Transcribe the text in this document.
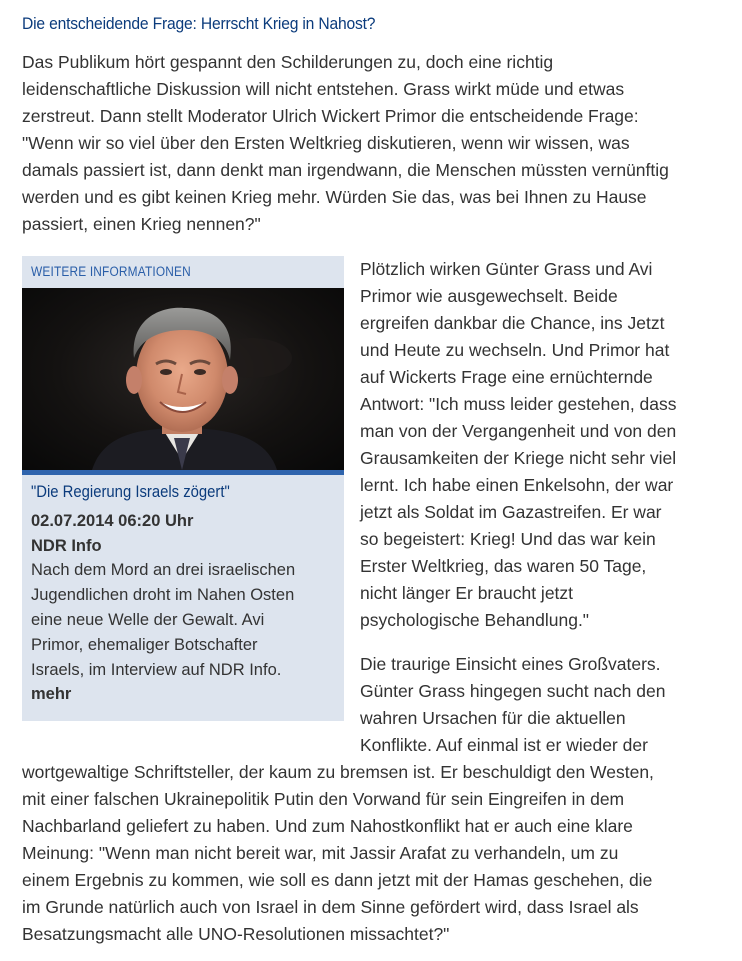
Die entscheidende Frage: Herrscht Krieg in Nahost?

Das Publikum hört gespannt den Schilderungen zu, doch eine richtig
leidenschaftliche Diskussion will nicht entstehen. Grass wirkt müde und etwas
zerstreut. Dann stellt Moderator Ulrich Wickert Primor die entscheidende Frage:
"Wenn wir so viel über den Ersten Weltkrieg diskutieren, wenn wir wissen, was
damals passiert ist, dann denkt man irgendwann, die Menschen müssten vernünftig
werden und es gibt keinen Krieg mehr. Würden Sie das, was bei Ihnen zu Hause
passiert, einen Krieg nennen?"

WEITERE INFORMATIONEN
"Die Regierung Israels zögert"
02.07.2014 06:20 Uhr
NDR Info

Nach dem Mord an drei israelischen
Jugendlichen droht im Nahen Osten
eine neue Welle der Gewalt. Avi
Primor, ehemaliger Botschafter
Israels, im Interview auf NDR Info.

mehr

Plötzlich wirken Günter Grass und Avi
Primor wie ausgewechselt. Beide
ergreifen dankbar die Chance, ins Jetzt
und Heute zu wechseln. Und Primor hat
auf Wickerts Frage eine ernüchternde
Antwort: "Ich muss leider gestehen, dass
man von der Vergangenheit und von den
Grausamkeiten der Kriege nicht sehr viel
lernt. Ich habe einen Enkelsohn, der war
jetzt als Soldat im Gazastreifen. Er war
so begeistert: Krieg! Und das war kein
Erster Weltkrieg, das waren 50 Tage,
nicht länger Er braucht jetzt
psychologische Behandlung."

Die traurige Einsicht eines Großvaters.
Günter Grass hingegen sucht nach den
wahren Ursachen für die aktuellen
Konflikte. Auf einmal ist er wieder der

wortgewaltige Schriftsteller, der kaum zu bremsen ist. Er beschuldigt den Westen,
mit einer falschen Ukrainepolitik Putin den Vorwand für sein Eingreifen in dem
Nachbarland geliefert zu haben. Und zum Nahostkonflikt hat er auch eine klare
Meinung: "Wenn man nicht bereit war, mit Jassir Arafat zu verhandeln, um zu
einem Ergebnis zu kommen, wie soll es dann jetzt mit der Hamas geschehen, die
im Grunde natürlich auch von Israel in dem Sinne gefördert wird, dass Israel als
Besatzungsmacht alle UNO-Resolutionen missachtet?"
